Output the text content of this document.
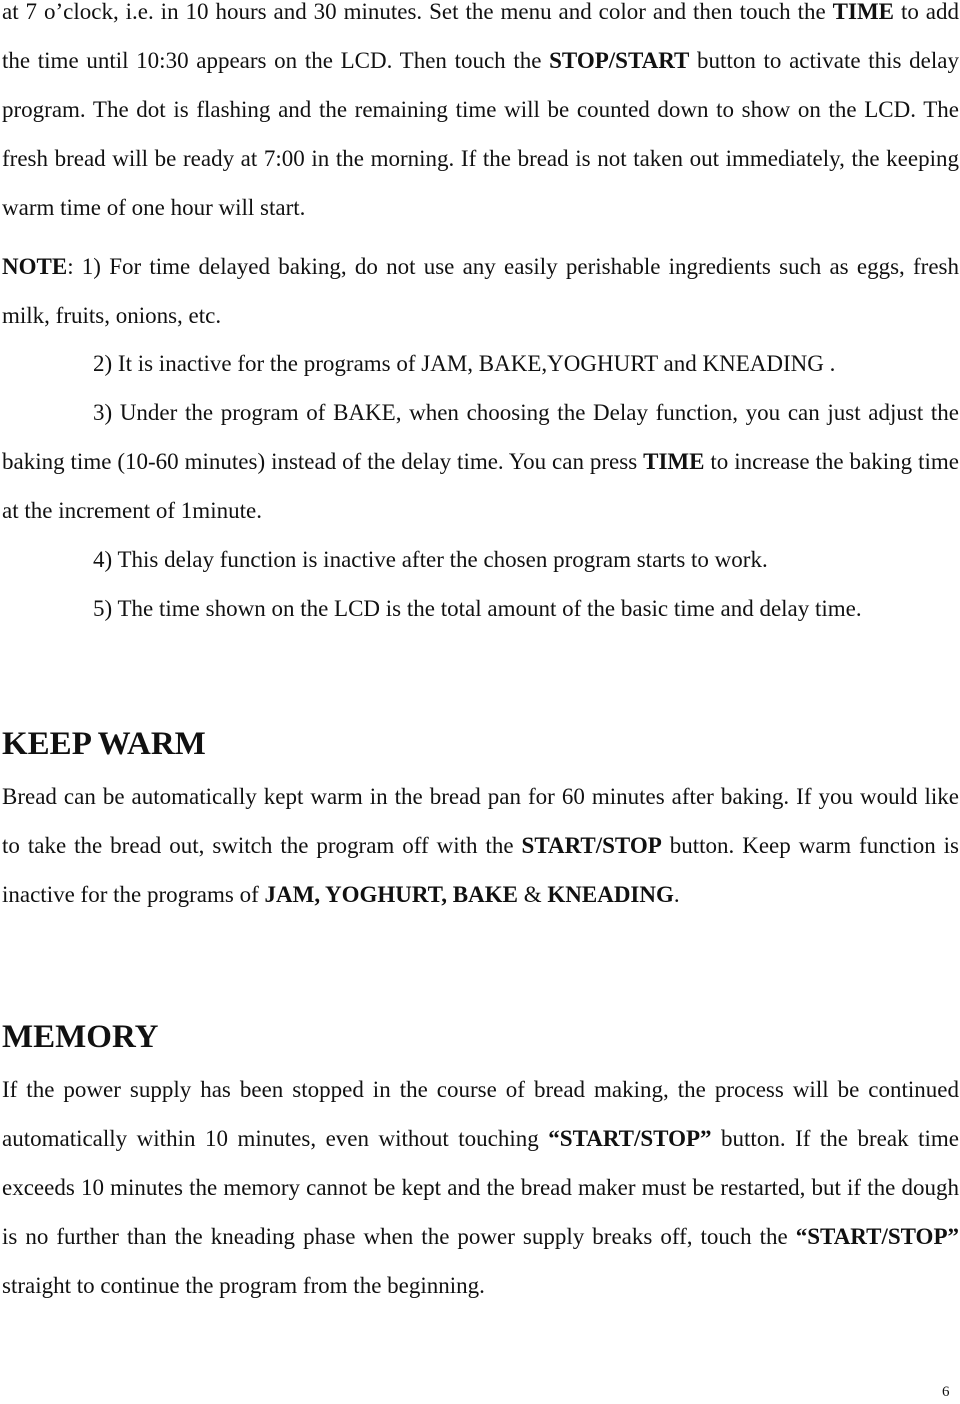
at 7 o’clock, i.e. in 10 hours and 30 minutes. Set the menu and color and then touch the TIME to add the time until 10:30 appears on the LCD. Then touch the STOP/START button to activate this delay program. The dot is flashing and the remaining time will be counted down to show on the LCD. The fresh bread will be ready at 7:00 in the morning. If the bread is not taken out immediately, the keeping warm time of one hour will start.

NOTE: 1) For time delayed baking, do not use any easily perishable ingredients such as eggs, fresh milk, fruits, onions, etc.

2) It is inactive for the programs of JAM, BAKE,YOGHURT and KNEADING .

3) Under the program of BAKE, when choosing the Delay function, you can just adjust the baking time (10-60 minutes) instead of the delay time. You can press TIME to increase the baking time at the increment of 1minute.

4) This delay function is inactive after the chosen program starts to work.

5) The time shown on the LCD is the total amount of the basic time and delay time.

KEEP WARM

Bread can be automatically kept warm in the bread pan for 60 minutes after baking. If you would like to take the bread out, switch the program off with the START/STOP button. Keep warm function is inactive for the programs of JAM, YOGHURT, BAKE & KNEADING.

MEMORY

If the power supply has been stopped in the course of bread making, the process will be continued automatically within 10 minutes, even without touching “START/STOP” button. If the break time exceeds 10 minutes the memory cannot be kept and the bread maker must be restarted, but if the dough is no further than the kneading phase when the power supply breaks off, touch the “START/STOP” straight to continue the program from the beginning.

6
